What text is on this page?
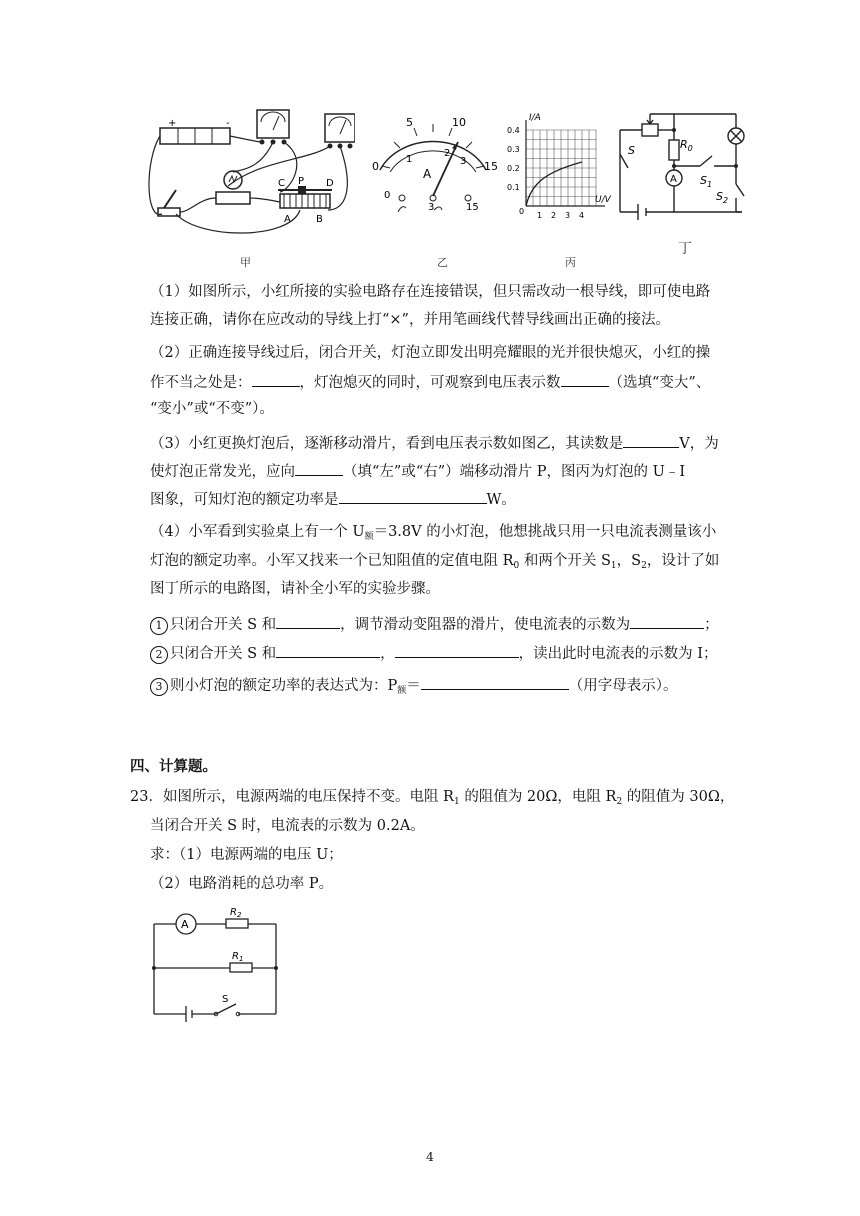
+	-
C P D
A	B
甲
0
5	10
15
1
2
3
A
0
3	15
乙
I/A
0.4
0.3
0.2
0.1
0 1 2 3 4
U/V
丙
$R_0$
S
$S_1$
$S_2$
A
丁
（1）如图所示，小红所接的实验电路存在连接错误，但只需改动一根导线，即可使电路
连接正确，请你在应改动的导线上打“×”，并用笔画线代替导线画出正确的接法。
（2）正确连接导线过后，闭合开关，灯泡立即发出明亮耀眼的光并很快熄灭，小红的操
作不当之处是：	，灯泡熄灭的同时，可观察到电压表示数	（选填“变大”、
“变小”或“不变”）。
（3）小红更换灯泡后，逐渐移动滑片，看到电压表示数如图乙，其读数是	V，为
使灯泡正常发光，应向	（填“左”或“右”）端移动滑片 P，图丙为灯泡的 U﹣I
图象，可知灯泡的额定功率是	W。
（4）小军看到实验桌上有一个 $U_额=3.8V$ 的小灯泡，他想挑战只用一只电流表测量该小
灯泡的额定功率。小军又找来一个已知阻值的定值电阻 $R_0$ 和两个开关 $S_1$，$S_2$，设计了如
图丁所示的电路图，请补全小军的实验步骤。
1 只闭合开关 S 和	，调节滑动变阻器的滑片，使电流表的示数为	；
2 只闭合开关 S 和	，	，读出此时电流表的示数为 I；
3 则小灯泡的额定功率的表达式为：$P_额=$	（用字母表示）。
四、计算题。
23．如图所示，电源两端的电压保持不变。电阻 $R_1$ 的阻值为 20Ω，电阻 $R_2$ 的阻值为 30Ω，
当闭合开关 S 时，电流表的示数为 0.2A。
求：（1）电源两端的电压 U；
（2）电路消耗的总功率 P。
A
$R_2$
$R_1$
S
4
